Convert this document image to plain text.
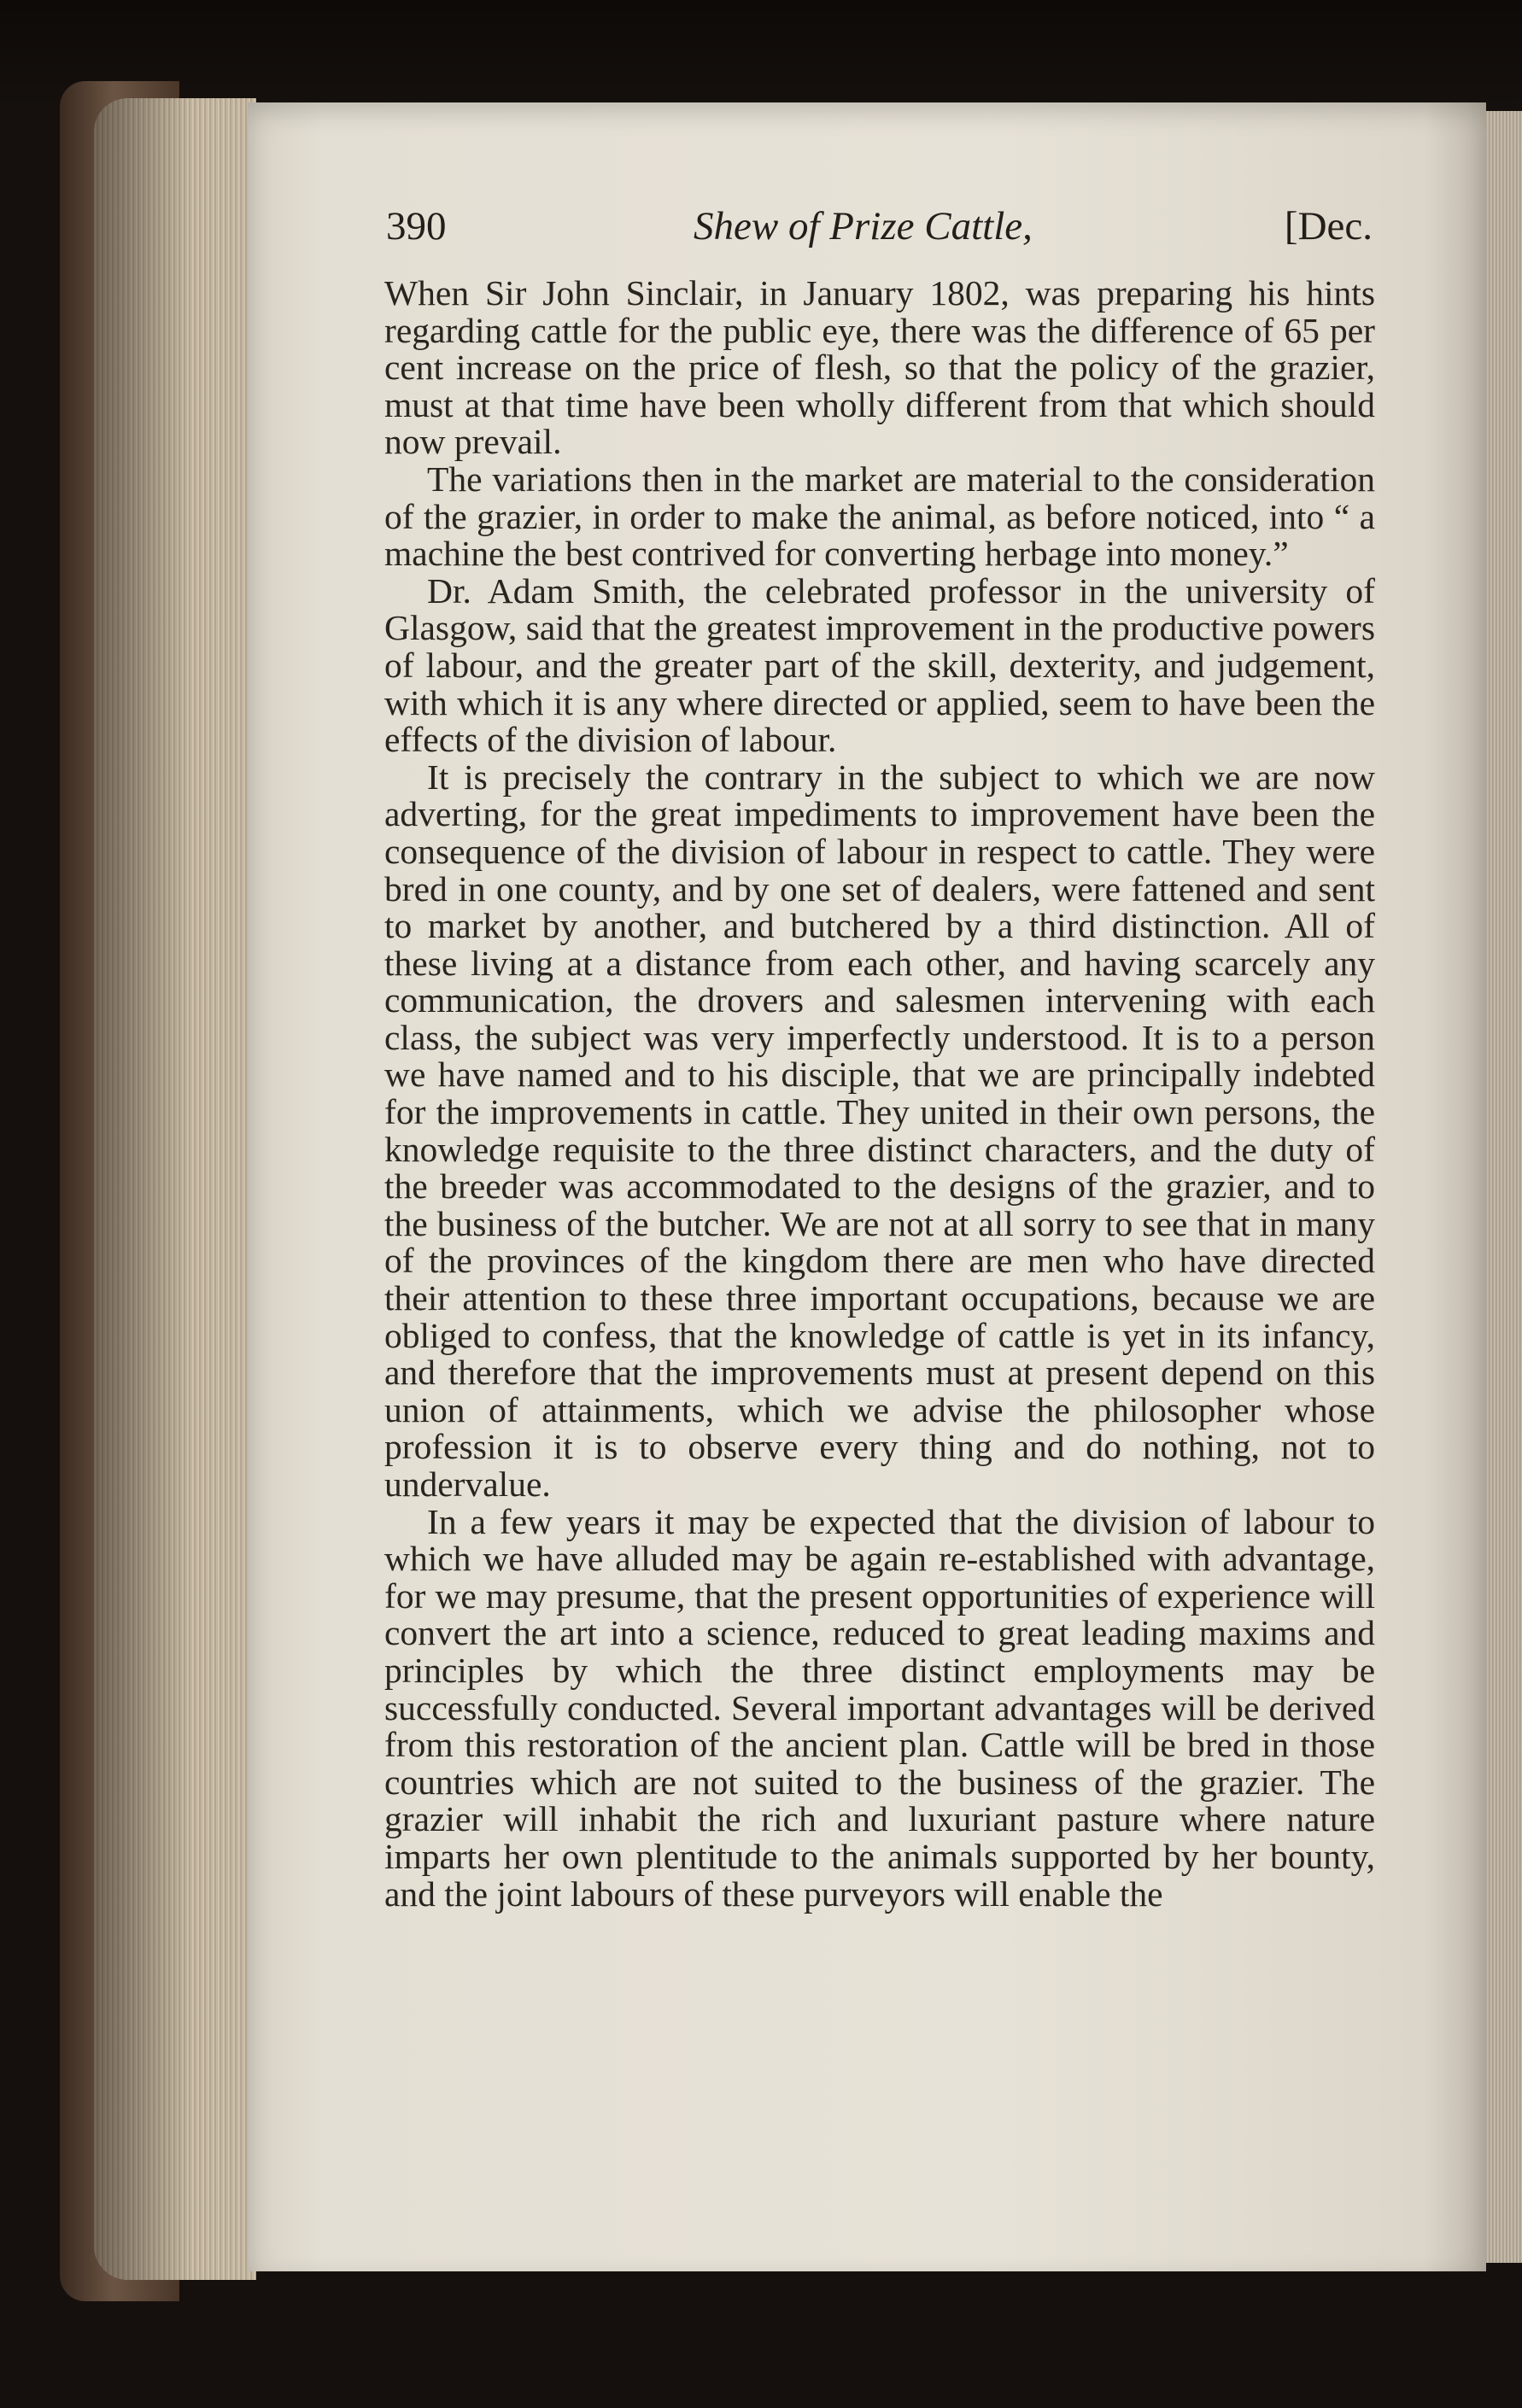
390	Shew of Prize Cattle,	[Dec.

When Sir John Sinclair, in January 1802, was preparing his hints regarding cattle for the public eye, there was the difference of 65 per cent increase on the price of flesh, so that the policy of the grazier, must at that time have been wholly different from that which should now prevail.

The variations then in the market are material to the consideration of the grazier, in order to make the animal, as before noticed, into “ a machine the best contrived for converting herbage into money.”

Dr. Adam Smith, the celebrated professor in the university of Glasgow, said that the greatest improvement in the productive powers of labour, and the greater part of the skill, dexterity, and judgement, with which it is any where directed or applied, seem to have been the effects of the division of labour.

It is precisely the contrary in the subject to which we are now adverting, for the great impediments to improvement have been the consequence of the division of labour in respect to cattle. They were bred in one county, and by one set of dealers, were fattened and sent to market by another, and butchered by a third distinction. All of these living at a distance from each other, and having scarcely any communication, the drovers and salesmen intervening with each class, the subject was very imperfectly understood. It is to a person we have named and to his disciple, that we are principally indebted for the improvements in cattle. They united in their own persons, the knowledge requisite to the three distinct characters, and the duty of the breeder was accommodated to the designs of the grazier, and to the business of the butcher. We are not at all sorry to see that in many of the provinces of the kingdom there are men who have directed their attention to these three important occupations, because we are obliged to confess, that the knowledge of cattle is yet in its infancy, and therefore that the improvements must at present depend on this union of attainments, which we advise the philosopher whose profession it is to observe every thing and do nothing, not to undervalue.

In a few years it may be expected that the division of labour to which we have alluded may be again re-established with advantage, for we may presume, that the present opportunities of experience will convert the art into a science, reduced to great leading maxims and principles by which the three distinct employments may be successfully conducted. Several important advantages will be derived from this restoration of the ancient plan. Cattle will be bred in those countries which are not suited to the business of the grazier. The grazier will inhabit the rich and luxuriant pasture where nature imparts her own plentitude to the animals supported by her bounty, and the joint labours of these purveyors will enable the
